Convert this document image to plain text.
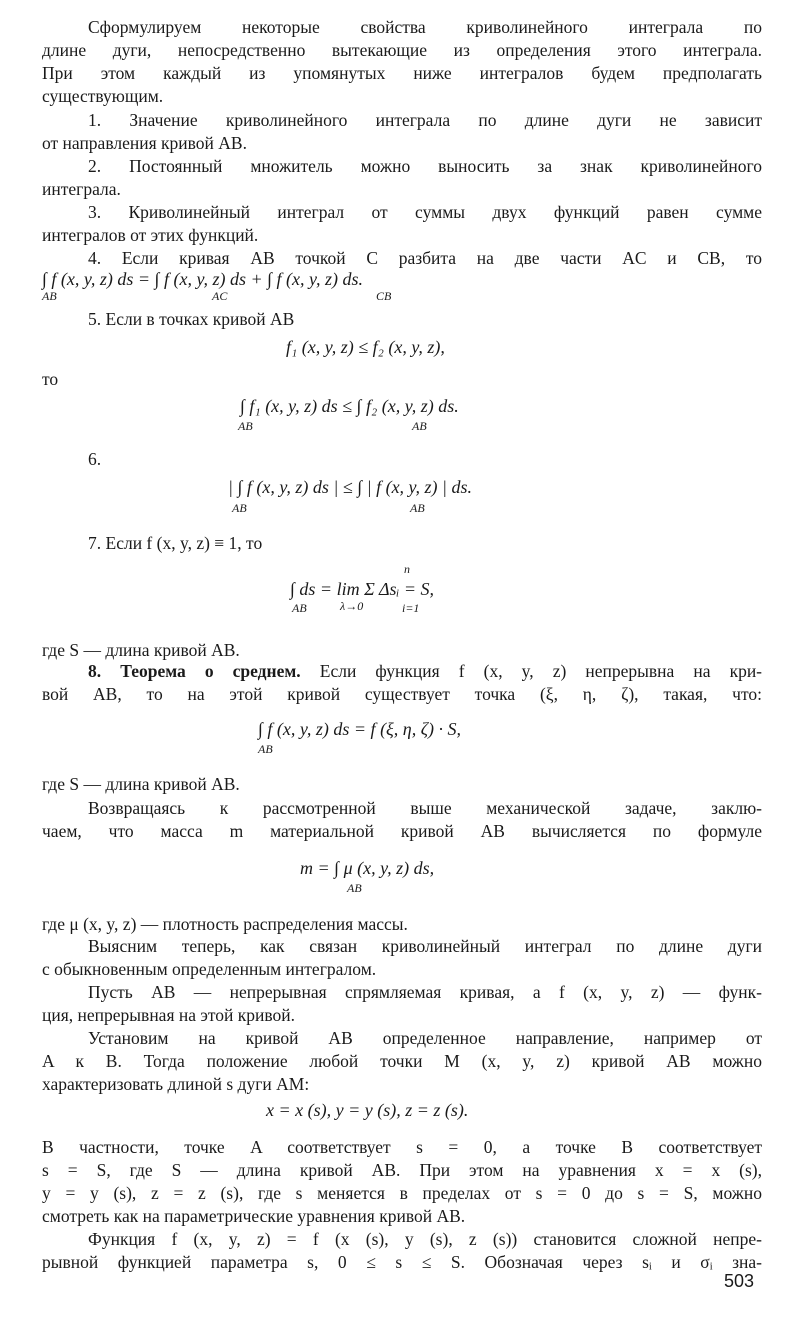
Сформулируем некоторые свойства криволинейного интеграла по

длине дуги, непосредственно вытекающие из определения этого интеграла.

При этом каждый из упомянутых ниже интегралов будем предполагать

существующим.

1. Значение криволинейного интеграла по длине дуги не зависит

от направления кривой AB.

2. Постоянный множитель можно выносить за знак криволинейного

интеграла.

3. Криволинейный интеграл от суммы двух функций равен сумме

интегралов от этих функций.

4. Если кривая AB точкой C разбита на две части AC и CB, то

∫ f (x, y, z) ds = ∫ f (x, y, z) ds + ∫ f (x, y, z) ds.

AB	AC	CB

5. Если в точках кривой AB

f₁ (x, y, z) ≤ f₂ (x, y, z),

то

∫ f₁ (x, y, z) ds ≤ ∫ f₂ (x, y, z) ds.

AB	AB

6.

| ∫ f (x, y, z) ds | ≤ ∫ | f (x, y, z) | ds.

AB	AB

7. Если f (x, y, z) ≡ 1, то

n

∫ ds = lim Σ Δsᵢ = S,

AB	λ→0	i=1

где S — длина кривой AB.

8. Теорема о среднем. Если функция f (x, y, z) непрерывна на кри-

вой AB, то на этой кривой существует точка (ξ, η, ζ), такая, что:

∫ f (x, y, z) ds = f (ξ, η, ζ) · S,

AB

где S — длина кривой AB.

Возвращаясь к рассмотренной выше механической задаче, заклю-

чаем, что масса m материальной кривой AB вычисляется по формуле

m = ∫ μ (x, y, z) ds,

AB

где μ (x, y, z) — плотность распределения массы.

Выясним теперь, как связан криволинейный интеграл по длине дуги

с обыкновенным определенным интегралом.

Пусть AB — непрерывная спрямляемая кривая, а f (x, y, z) — функ-

ция, непрерывная на этой кривой.

Установим на кривой AB определенное направление, например от

A к B. Тогда положение любой точки M (x, y, z) кривой AB можно

характеризовать длиной s дуги AM:

x = x (s), y = y (s), z = z (s).

В частности, точке A соответствует s = 0, а точке B соответствует

s = S, где S — длина кривой AB. При этом на уравнения x = x (s),

y = y (s), z = z (s), где s меняется в пределах от s = 0 до s = S, можно

смотреть как на параметрические уравнения кривой AB.

Функция f (x, y, z) = f (x (s), y (s), z (s)) становится сложной непре-

рывной функцией параметра s, 0 ≤ s ≤ S. Обозначая через sᵢ и σᵢ зна-

503
